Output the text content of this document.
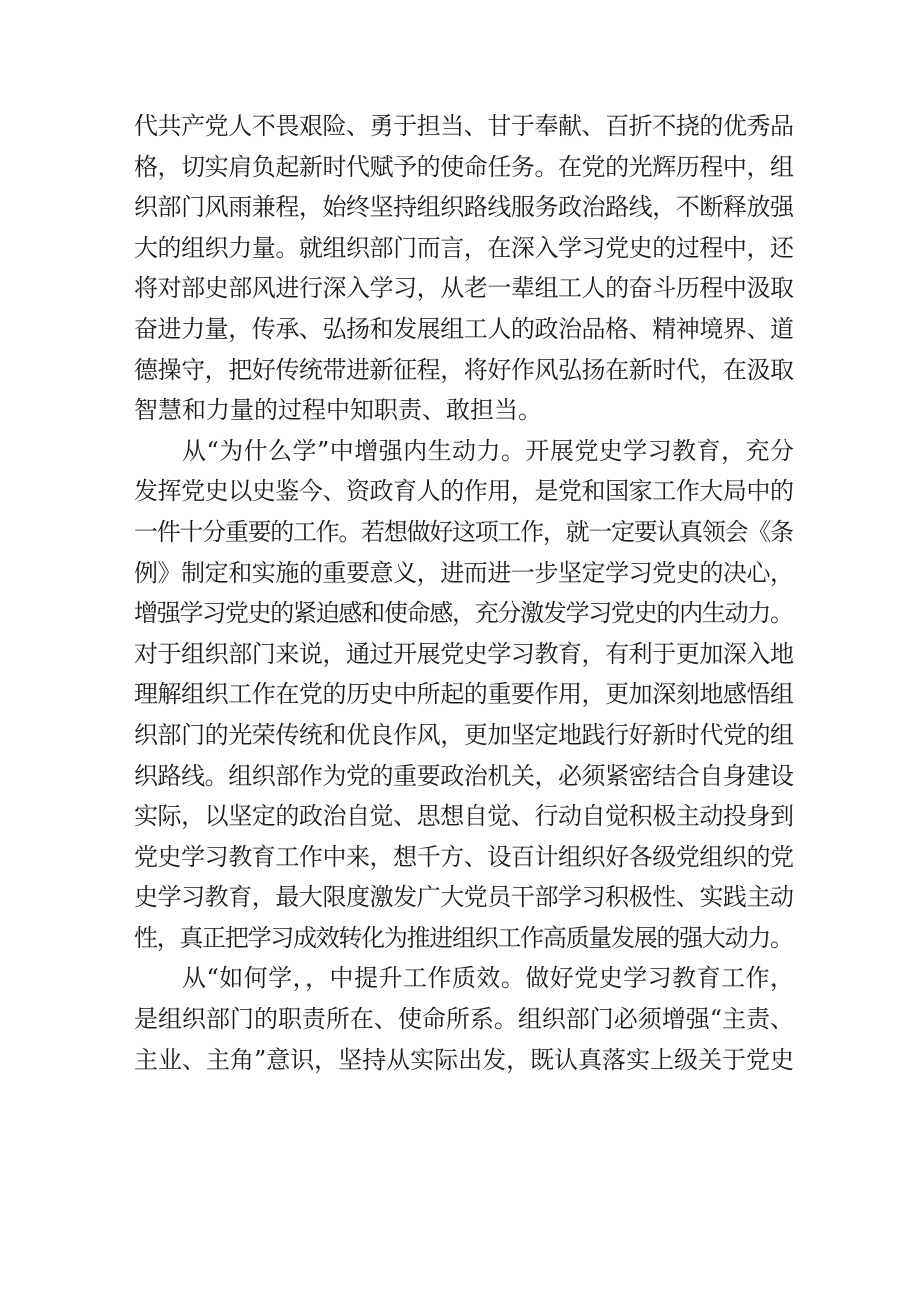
代共产党人不畏艰险、勇于担当、甘于奉献、百折不挠的优秀品
格，切实肩负起新时代赋予的使命任务。在党的光辉历程中，组
织部门风雨兼程，始终坚持组织路线服务政治路线，不断释放强
大的组织力量。就组织部门而言，在深入学习党史的过程中，还
将对部史部风进行深入学习，从老一辈组工人的奋斗历程中汲取
奋进力量，传承、弘扬和发展组工人的政治品格、精神境界、道
德操守，把好传统带进新征程，将好作风弘扬在新时代，在汲取
智慧和力量的过程中知职责、敢担当。
从“为什么学”中增强内生动力。开展党史学习教育，充分
发挥党史以史鉴今、资政育人的作用，是党和国家工作大局中的
一件十分重要的工作。若想做好这项工作，就一定要认真领会《条
例》制定和实施的重要意义，进而进一步坚定学习党史的决心，
增强学习党史的紧迫感和使命感，充分激发学习党史的内生动力。
对于组织部门来说，通过开展党史学习教育，有利于更加深入地
理解组织工作在党的历史中所起的重要作用，更加深刻地感悟组
织部门的光荣传统和优良作风，更加坚定地践行好新时代党的组
织路线。组织部作为党的重要政治机关，必须紧密结合自身建设
实际，以坚定的政治自觉、思想自觉、行动自觉积极主动投身到
党史学习教育工作中来，想千方、设百计组织好各级党组织的党
史学习教育，最大限度激发广大党员干部学习积极性、实践主动
性，真正把学习成效转化为推进组织工作高质量发展的强大动力。
从“如何学，，中提升工作质效。做好党史学习教育工作，
是组织部门的职责所在、使命所系。组织部门必须增强“主责、
主业、主角”意识，坚持从实际出发，既认真落实上级关于党史
